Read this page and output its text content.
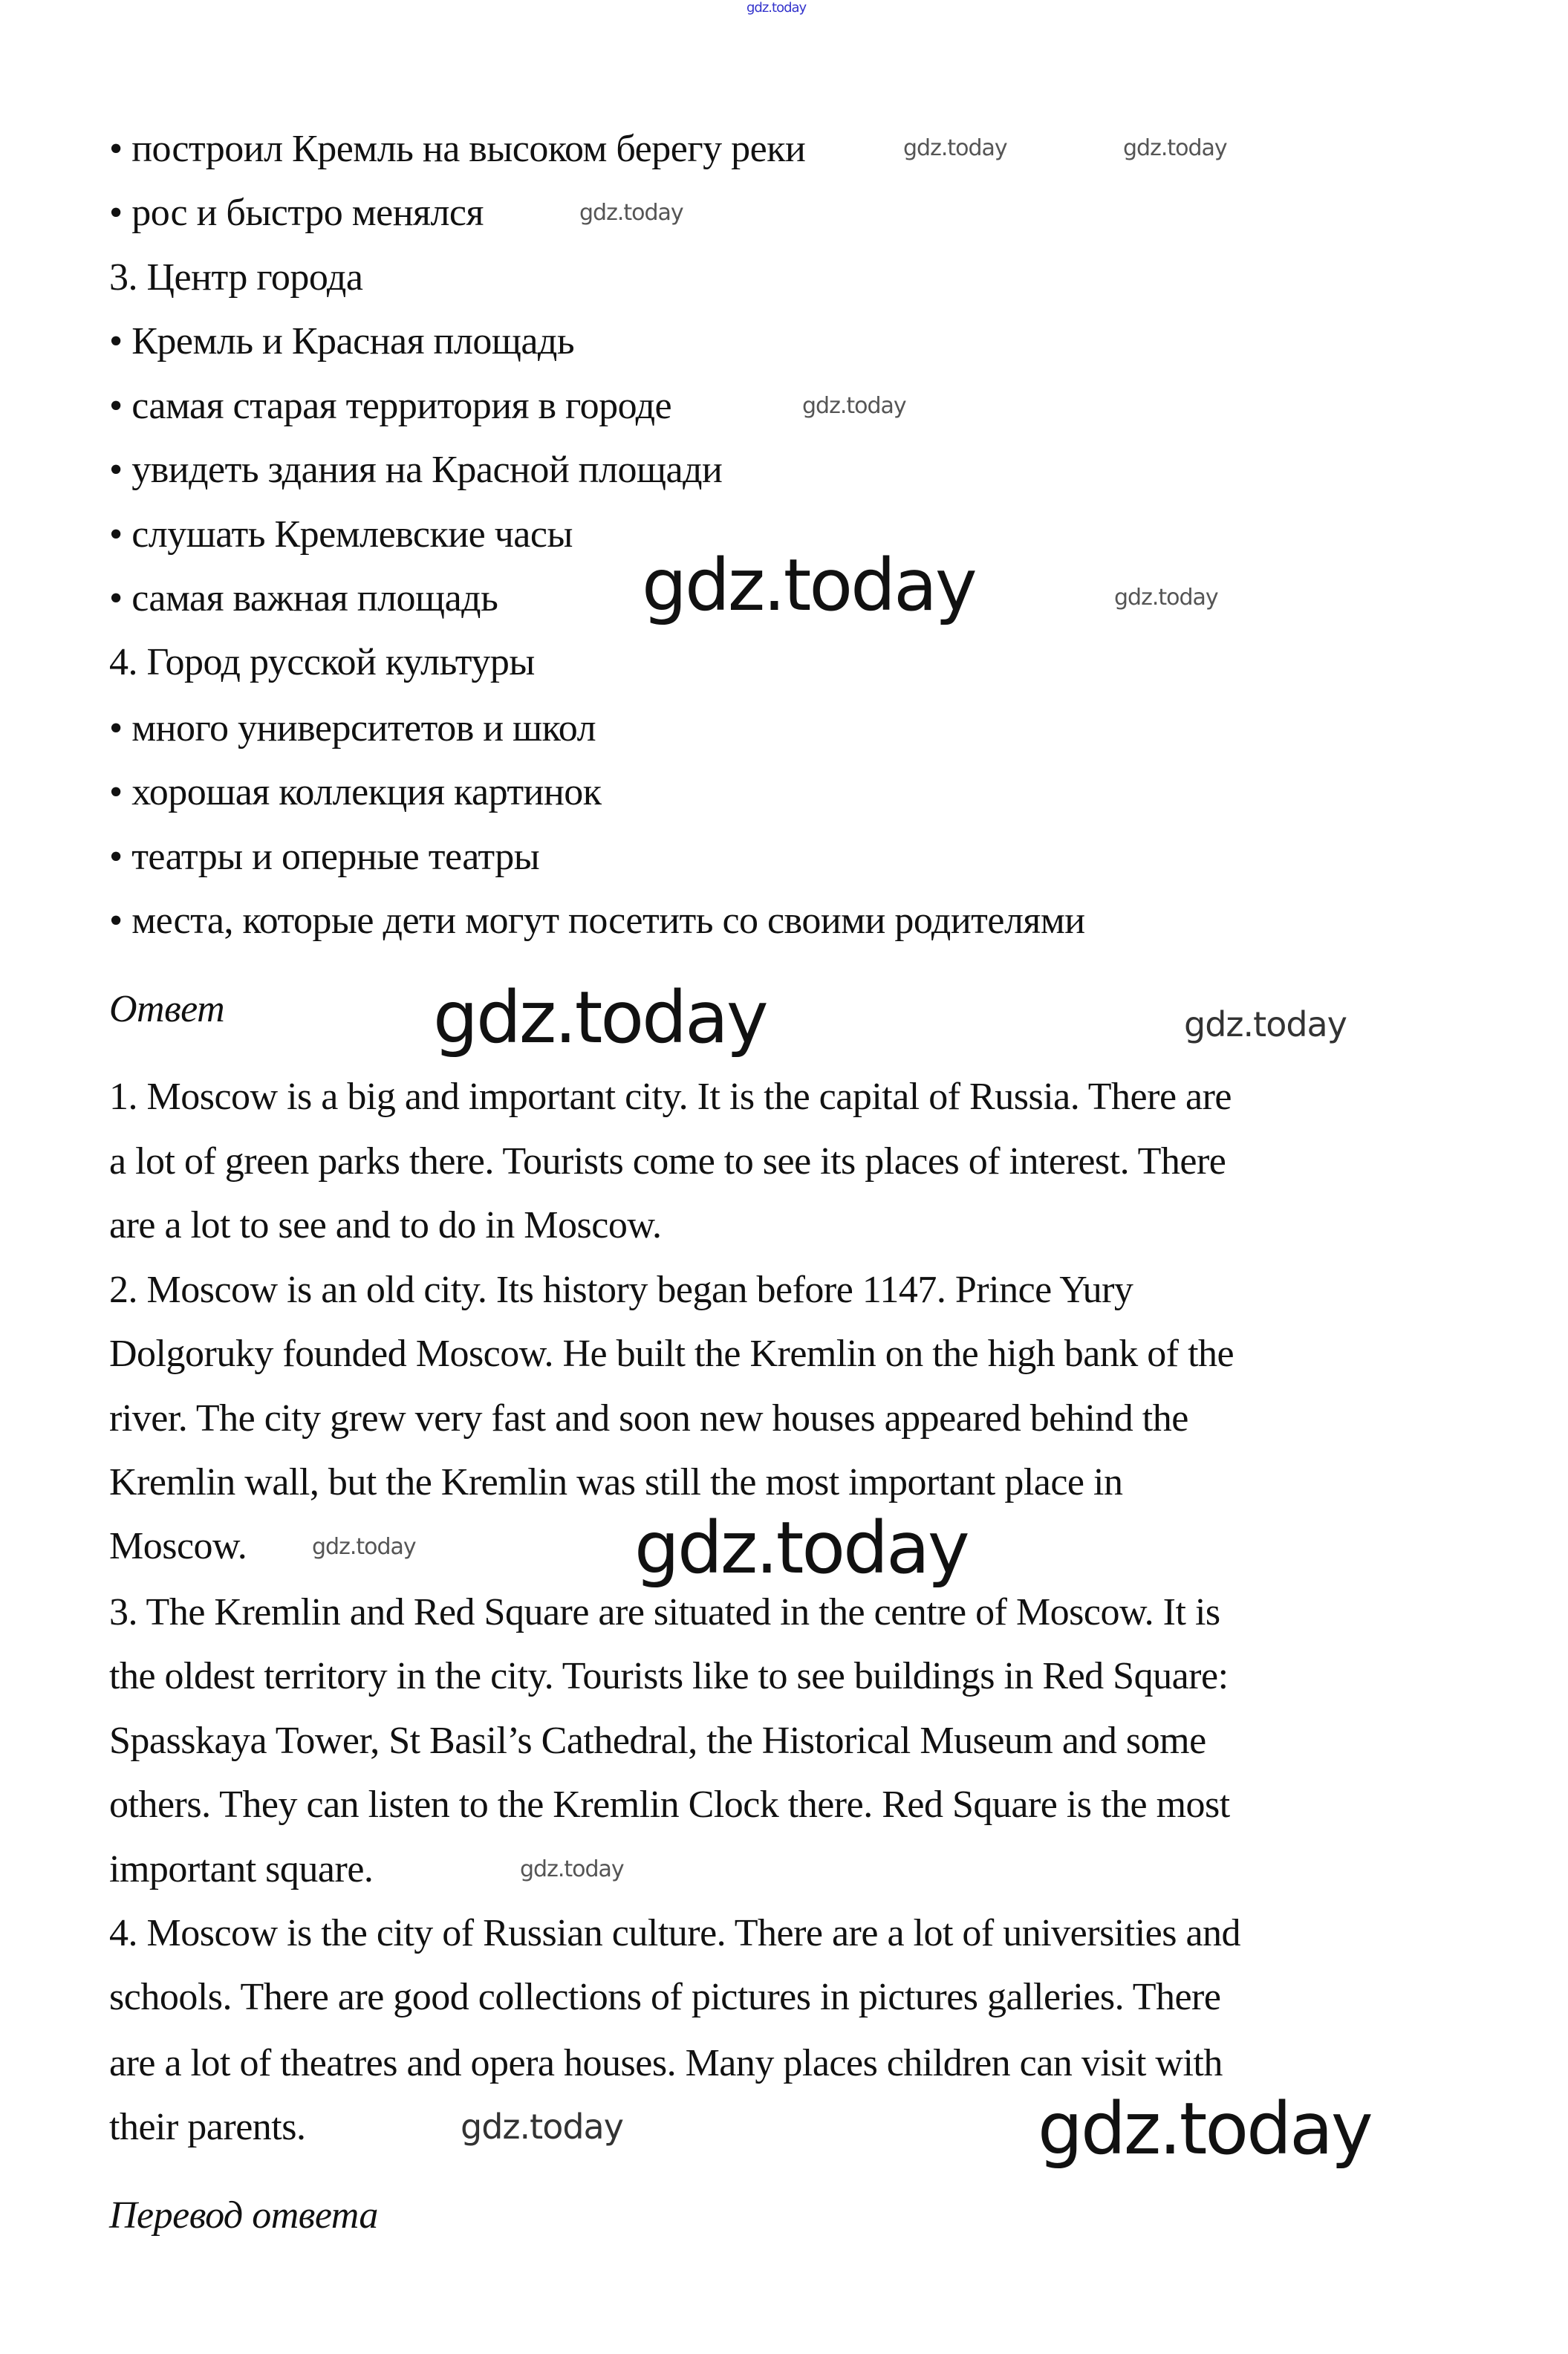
gdz.today
• построил Кремль на высоком берегу реки
• рос и быстро менялся
3. Центр города
• Кремль и Красная площадь
• самая старая территория в городе
• увидеть здания на Красной площади
• слушать Кремлевские часы
• самая важная площадь
4. Город русской культуры
• много университетов и школ
• хорошая коллекция картинок
• театры и оперные театры
• места, которые дети могут посетить со своими родителями
Ответ
1. Moscow is a big and important city. It is the capital of Russia. There are
a lot of green parks there. Tourists come to see its places of interest. There
are a lot to see and to do in Moscow.
2. Moscow is an old city. Its history began before 1147. Prince Yury
Dolgoruky founded Moscow. He built the Kremlin on the high bank of the
river. The city grew very fast and soon new houses appeared behind the
Kremlin wall, but the Kremlin was still the most important place in
Moscow.
3. The Kremlin and Red Square are situated in the centre of Moscow. It is
the oldest territory in the city. Tourists like to see buildings in Red Square:
Spasskaya Tower, St Basil’s Cathedral, the Historical Museum and some
others. They can listen to the Kremlin Clock there. Red Square is the most
important square.
4. Moscow is the city of Russian culture. There are a lot of universities and
schools. There are good collections of pictures in pictures galleries. There
are a lot of theatres and opera houses. Many places children can visit with
their parents.
Перевод ответа
gdz.today	gdz.today
gdz.today
gdz.today
gdz.today
gdz.today
gdz.today
gdz.today
gdz.today
gdz.today
gdz.today
gdz.today
gdz.today
